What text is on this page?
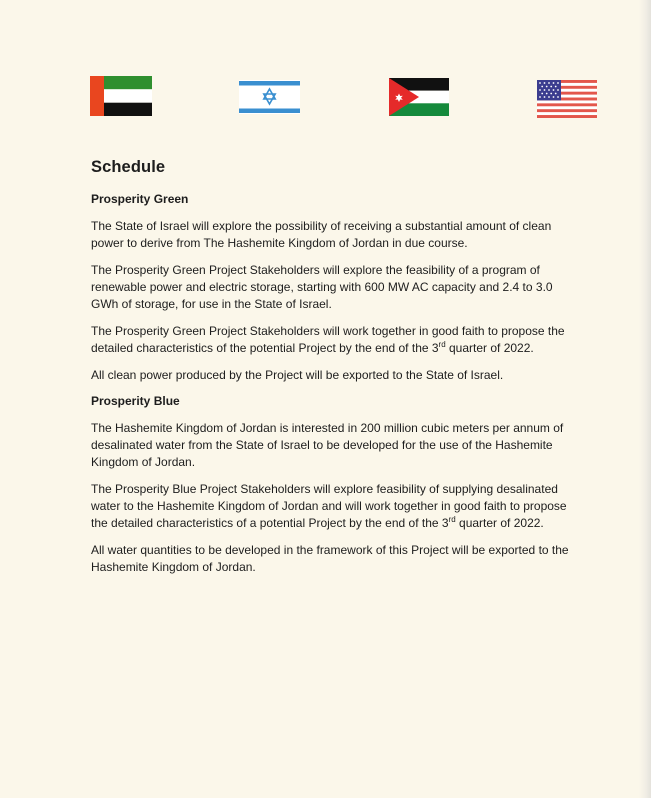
Schedule
Prosperity Green

The State of Israel will explore the possibility of receiving a substantial amount of clean power to derive from The Hashemite Kingdom of Jordan in due course.

The Prosperity Green Project Stakeholders will explore the feasibility of a program of renewable power and electric storage, starting with 600 MW AC capacity and 2.4 to 3.0 GWh of storage, for use in the State of Israel.

The Prosperity Green Project Stakeholders will work together in good faith to propose the detailed characteristics of the potential Project by the end of the 3rd quarter of 2022.

All clean power produced by the Project will be exported to the State of Israel.

Prosperity Blue

The Hashemite Kingdom of Jordan is interested in 200 million cubic meters per annum of desalinated water from the State of Israel to be developed for the use of the Hashemite Kingdom of Jordan.

The Prosperity Blue Project Stakeholders will explore feasibility of supplying desalinated water to the Hashemite Kingdom of Jordan and will work together in good faith to propose the detailed characteristics of a potential Project by the end of the 3rd quarter of 2022.

All water quantities to be developed in the framework of this Project will be exported to the Hashemite Kingdom of Jordan.
